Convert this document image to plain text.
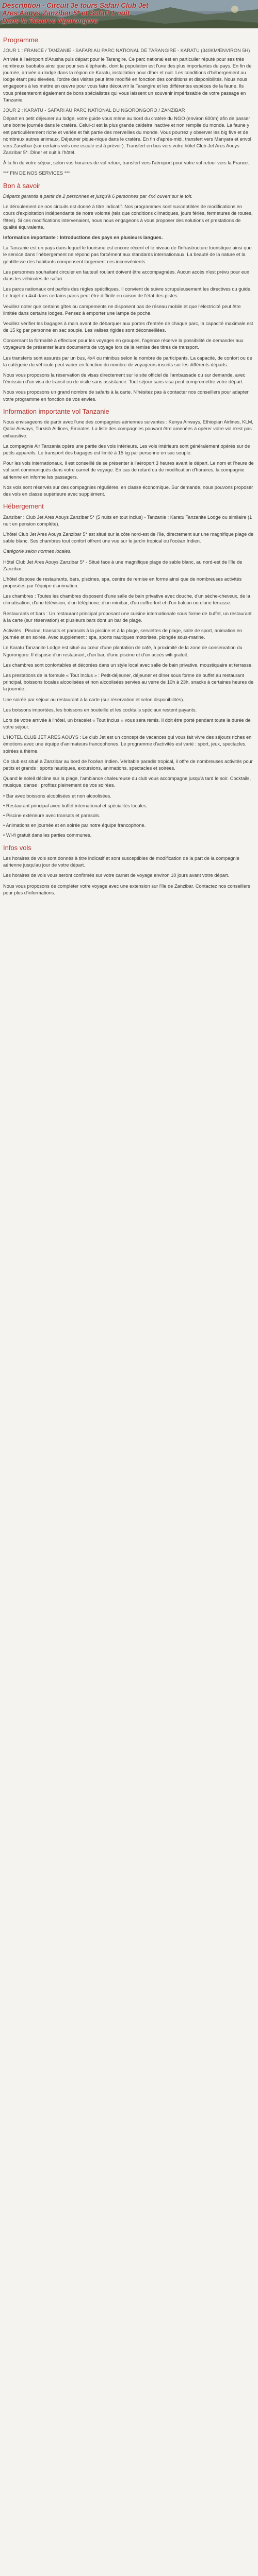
Descriptioн - Circuit 3e tours Safari Club Jet
Ares Aouys Zanzibar 5* et Safari 1 nuit
Dans la Réserve Ngorongoro
Programme
JOUR 1 : FRANCE / TANZANIE - SAFARI AU PARC NATIONAL DE TARANGIRE - KARATU (340KM/ENVIRON 5H)

Arrivée à l'aéroport d'Arusha puis départ pour le Tarangire. Ce parc national est en particulier réputé pour ses très nombreux baobabs ainsi que pour ses éléphants, dont la population est l'une des plus importantes du pays. En fin de journée, arrivée au lodge dans la région de Karatu, installation pour dîner et nuit. Les conditions d'hébergement au lodge étant peu élevées, l'ordre des visites peut être modifié en fonction des conditions et disponibilités. Nous nous engageons à les mettre en œuvre pour vous faire découvrir la Tarangire et les différentes espèces de la faune. Ils vous présenteront également de bons spécialistes qui vous laissent un souvenir impérissable de votre passage en Tanzanie.

JOUR 2 : KARATU - SAFARI AU PARC NATIONAL DU NGORONGORO / ZANZIBAR

Départ en petit déjeuner au lodge, votre guide vous mène au bord du cratère du NGO (environ 600m) afin de passer une bonne journée dans le cratère. Celui-ci est la plus grande caldeira inactive et non remplie du monde. La faune y est particulièrement riche et variée et fait partie des merveilles du monde. Vous pourrez y observer les big five et de nombreux autres animaux. Déjeuner pique-nique dans le cratère. En fin d'après-midi, transfert vers Manyara et envol vers Zanzibar (sur certains vols une escale est à prévoir). Transfert en bus vers votre hôtel Club Jet Ares Aouys Zanzibar 5*. Dîner et nuit à l'hôtel.

À la fin de votre séjour, selon vos horaires de vol retour, transfert vers l'aéroport pour votre vol retour vers la France.

*** FIN DE NOS SERVICES ***

Bon à savoir

Départs garantis à partir de 2 personnes et jusqu'à 6 personnes par 4x4 ouvert sur le toit.

Le déroulement de nos circuits est donné à titre indicatif. Nos programmes sont susceptibles de modifications en cours d'exploitation indépendante de notre volonté (tels que conditions climatiques, jours fériés, fermetures de routes, fêtes). Si ces modifications intervenaient, nous nous engageons à vous proposer des solutions et prestations de qualité équivalente.

Information importante : Introductions des pays en plusieurs langues.

La Tanzanie est un pays dans lequel le tourisme est encore récent et le niveau de l'infrastructure touristique ainsi que le service dans l'hébergement ne répond pas forcément aux standards internationaux. La beauté de la nature et la gentillesse des habitants compensent largement ces inconvénients.

Les personnes souhaitant circuler en fauteuil roulant doivent être accompagnées. Aucun accès n'est prévu pour eux dans les véhicules de safari.

Les parcs nationaux ont parfois des règles spécifiques. Il convient de suivre scrupuleusement les directives du guide. Le trajet en 4x4 dans certains parcs peut être difficile en raison de l'état des pistes.

Veuillez noter que certains gîtes ou campements ne disposent pas de réseau mobile et que l'électricité peut être limitée dans certains lodges. Pensez à emporter une lampe de poche.

Veuillez vérifier les bagages à main avant de débarquer aux portes d'entrée de chaque parc, la capacité maximale est de 15 kg par personne en sac souple. Les valises rigides sont déconseillées.

Concernant la formalité à effectuer pour les voyages en groupes, l'agence réserve la possibilité de demander aux voyageurs de présenter leurs documents de voyage lors de la remise des titres de transport.

Les transferts sont assurés par un bus, 4x4 ou minibus selon le nombre de participants. La capacité, de confort ou de la catégorie du véhicule peut varier en fonction du nombre de voyageurs inscrits sur les différents départs.

Nous vous proposons la réservation de visas directement sur le site officiel de l'ambassade ou sur demande, avec l'émission d'un visa de transit ou de visite sans assistance. Tout séjour sans visa peut compromettre votre départ.

Nous vous proposons un grand nombre de safaris à la carte. N'hésitez pas à contacter nos conseillers pour adapter votre programme en fonction de vos envies.

Information importante vol Tanzanie

Nous envisageons de partir avec l'une des compagnies aériennes suivantes : Kenya Airways, Ethiopian Airlines, KLM, Qatar Airways, Turkish Airlines, Emirates. La liste des compagnies pouvant être amenées à opérer votre vol n'est pas exhaustive.

La compagnie Air Tanzania opère une partie des vols intérieurs. Les vols intérieurs sont généralement opérés sur de petits appareils. Le transport des bagages est limité à 15 kg par personne en sac souple.

Pour les vols internationaux, il est conseillé de se présenter à l'aéroport 3 heures avant le départ. Le nom et l'heure de vol sont communiqués dans votre carnet de voyage. En cas de retard ou de modification d'horaires, la compagnie aérienne en informe les passagers.

Nos vols sont réservés sur des compagnies régulières, en classe économique. Sur demande, nous pouvons proposer des vols en classe supérieure avec supplément.

Hébergement

Zanzibar : Club Jet Ares Aouys Zanzibar 5* (5 nuits en tout inclus) - Tanzanie : Karatu Tanzanite Lodge ou similaire (1 nuit en pension complète).

L'hôtel Club Jet Ares Aouys Zanzibar 5* est situé sur la côte nord-est de l'île, directement sur une magnifique plage de sable blanc. Ses chambres tout confort offrent une vue sur le jardin tropical ou l'océan Indien.

Catégorie selon normes locales.

Hôtel Club Jet Ares Aouys Zanzibar 5* - Situé face à une magnifique plage de sable blanc, au nord-est de l'île de Zanzibar.

L'hôtel dispose de restaurants, bars, piscines, spa, centre de remise en forme ainsi que de nombreuses activités proposées par l'équipe d'animation.

Les chambres : Toutes les chambres disposent d'une salle de bain privative avec douche, d'un sèche-cheveux, de la climatisation, d'une télévision, d'un téléphone, d'un minibar, d'un coffre-fort et d'un balcon ou d'une terrasse.

Restaurants et bars : Un restaurant principal proposant une cuisine internationale sous forme de buffet, un restaurant à la carte (sur réservation) et plusieurs bars dont un bar de plage.

Activités : Piscine, transats et parasols à la piscine et à la plage, serviettes de plage, salle de sport, animation en journée et en soirée. Avec supplément : spa, sports nautiques motorisés, plongée sous-marine.

Le Karatu Tanzanite Lodge est situé au cœur d'une plantation de café, à proximité de la zone de conservation du Ngorongoro. Il dispose d'un restaurant, d'un bar, d'une piscine et d'un accès wifi gratuit.

Les chambres sont confortables et décorées dans un style local avec salle de bain privative, moustiquaire et terrasse.

Les prestations de la formule « Tout Inclus » : Petit-déjeuner, déjeuner et dîner sous forme de buffet au restaurant principal, boissons locales alcoolisées et non alcoolisées servies au verre de 10h à 23h, snacks à certaines heures de la journée.

Une soirée par séjour au restaurant à la carte (sur réservation et selon disponibilités).

Les boissons importées, les boissons en bouteille et les cocktails spéciaux restent payants.

Lors de votre arrivée à l'hôtel, un bracelet « Tout Inclus » vous sera remis. Il doit être porté pendant toute la durée de votre séjour.

L'HOTEL CLUB JET ARES AOUYS : Le club Jet est un concept de vacances qui vous fait vivre des séjours riches en émotions avec une équipe d'animateurs francophones. Le programme d'activités est varié : sport, jeux, spectacles, soirées à thème.

Ce club est situé à Zanzibar au bord de l'océan Indien. Véritable paradis tropical, il offre de nombreuses activités pour petits et grands : sports nautiques, excursions, animations, spectacles et soirées.

Quand le soleil décline sur la plage, l'ambiance chaleureuse du club vous accompagne jusqu'à tard le soir. Cocktails, musique, danse : profitez pleinement de vos soirées.

• Bar avec boissons alcoolisées et non alcoolisées.

• Restaurant principal avec buffet international et spécialités locales.

• Piscine extérieure avec transats et parasols.

• Animations en journée et en soirée par notre équipe francophone.

• Wi-fi gratuit dans les parties communes.

Infos vols

Les horaires de vols sont donnés à titre indicatif et sont susceptibles de modification de la part de la compagnie aérienne jusqu'au jour de votre départ.

Les horaires de vols vous seront confirmés sur votre carnet de voyage environ 10 jours avant votre départ.

Nous vous proposons de compléter votre voyage avec une extension sur l'île de Zanzibar. Contactez nos conseillers pour plus d'informations.
